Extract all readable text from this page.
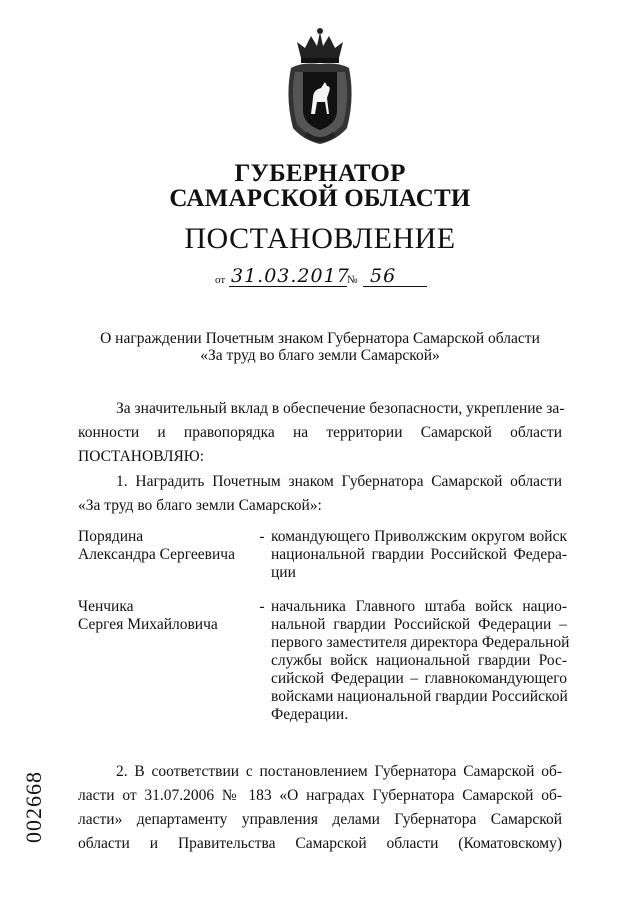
ГУБЕРНАТОР
САМАРСКОЙ ОБЛАСТИ
ПОСТАНОВЛЕНИЕ
от 31.03.2017
№ 56
О награждении Почетным знаком Губернатора Самарской области
«За труд во благо земли Самарской»
За значительный вклад в обеспечение безопасности, укрепление за-
конности и правопорядка на территории Самарской области
ПОСТАНОВЛЯЮ:
1. Наградить Почетным знаком Губернатора Самарской области
«За труд во благо земли Самарской»:
Порядина
Александра Сергеевича
- командующего Приволжским округом войск
национальной гвардии Российской Федера-
ции
Ченчика
Сергея Михайловича
- начальника Главного штаба войск нацио-
нальной гвардии Российской Федерации –
первого заместителя директора Федеральной
службы войск национальной гвардии Рос-
сийской Федерации – главнокомандующего
войсками национальной гвардии Российской
Федерации.
2. В соответствии с постановлением Губернатора Самарской об-
ласти от 31.07.2006 № 183 «О наградах Губернатора Самарской об-
ласти» департаменту управления делами Губернатора Самарской
области и Правительства Самарской области (Коматовскому)
002668
